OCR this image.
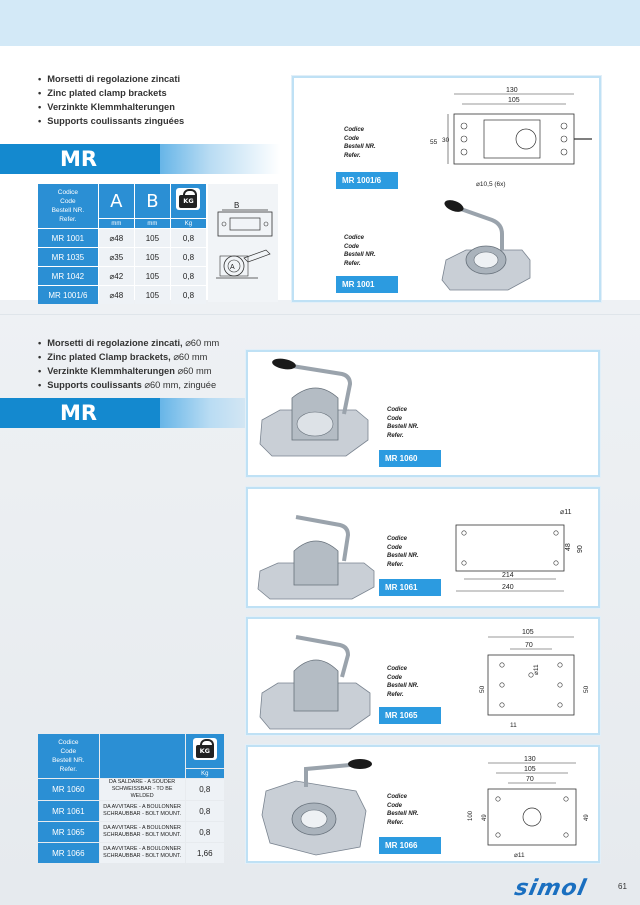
• Morsetti di regolazione zincati
• Zinc plated clamp brackets
• Verzinkte Klemmhalterungen
• Supports coulissants zinguées
MR
Codice
Code
Bestell NR.
Refer.	A	B	KG

	mm	mm	Kg
MR 1001	⌀48	105	0,8
MR 1035	⌀35	105	0,8
MR 1042	⌀42	105	0,8
MR 1001/6	⌀48	105	0,8
B
A
Codice
Code
Bestell NR.
Refer.
MR 1001/6
130
105
55 30
⌀10,5 (6x)
Codice
Code
Bestell NR.
Refer.
MR 1001
• Morsetti di regolazione zincati, ⌀60 mm
• Zinc plated Clamp brackets, ⌀60 mm
• Verzinkte Klemmhalterungen ⌀60 mm
• Supports coulissants ⌀60 mm, zinguée
MR	Codice
Code
Bestell NR.
Refer.
MR 1060
Codice
Code
Bestell NR.
Refer.
MR 1061
⌀11
48 90
214
240
Codice
Code
Bestell NR.
Refer.
MR 1065
105
70
⌀11
50	50
11
Codice
Code
Bestell NR.
Refer.
MR 1066
130
105
70
100 49	49
⌀11
Codice
Code
Bestell NR.
Refer.		KG

		Kg
MR 1060	DA SALDARE - A SOUDER
SCHWEISSBAR - TO BE WELDED	0,8
MR 1061	DA AVVITARE - A BOULONNER
SCHRAUBBAR - BOLT MOUNT.	0,8
MR 1065	DA AVVITARE - A BOULONNER
SCHRAUBBAR - BOLT MOUNT.	0,8
MR 1066	DA AVVITARE - A BOULONNER
SCHRAUBBAR - BOLT MOUNT.	1,66
simol	61
